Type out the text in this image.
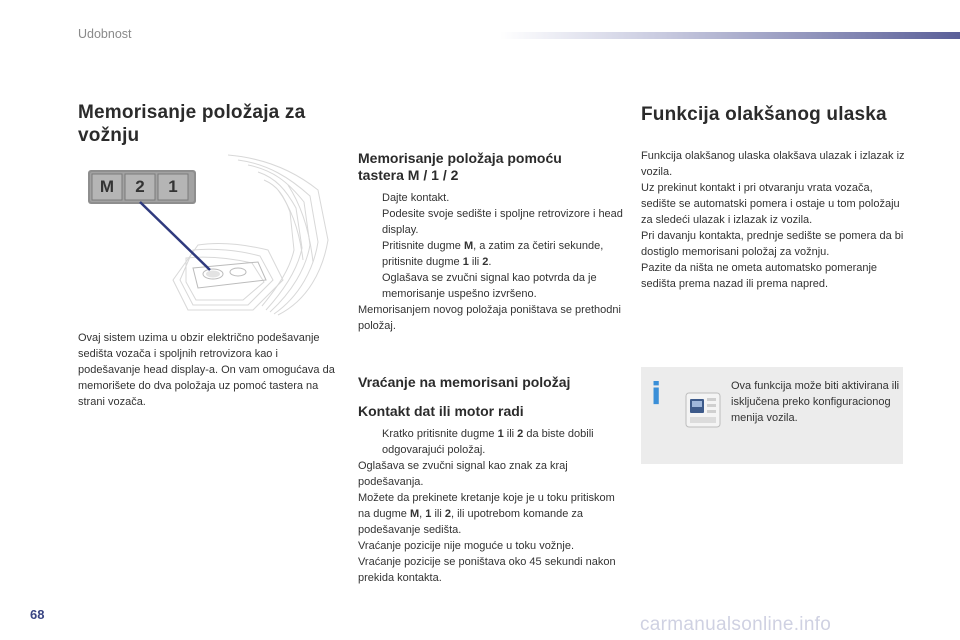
Udobnost
Memorisanje položaja za vožnju
M	2	1

Ovaj sistem uzima u obzir električno podešavanje sedišta vozača i spoljnih retrovizora kao i podešavanje head display-a. On vam omogućava da memorišete do dva položaja uz pomoć tastera na strani vozača.

Memorisanje položaja pomoću tastera M / 1 / 2

Dajte kontakt.

Podesite svoje sedište i spoljne retrovizore i head display.

Pritisnite dugme M, a zatim za četiri sekunde, pritisnite dugme 1 ili 2.
Oglašava se zvučni signal kao potvrda da je memorisanje uspešno izvršeno.

Memorisanjem novog položaja poništava se prethodni položaj.

Vraćanje na memorisani položaj
Kontakt dat ili motor radi

Kratko pritisnite dugme 1 ili 2 da biste dobili odgovarajući položaj.

Oglašava se zvučni signal kao znak za kraj podešavanja.

Možete da prekinete kretanje koje je u toku pritiskom na dugme M, 1 ili 2, ili upotrebom komande za podešavanje sedišta.

Vraćanje pozicije nije moguće u toku vožnje.

Vraćanje pozicije se poništava oko 45 sekundi nakon prekida kontakta.

Funkcija olakšanog ulaska

Funkcija olakšanog ulaska olakšava ulazak i izlazak iz vozila.

Uz prekinut kontakt i pri otvaranju vrata vozača, sedište se automatski pomera i ostaje u tom položaju za sledeći ulazak i izlazak iz vozila.

Pri davanju kontakta, prednje sedište se pomera da bi dostiglo memorisani položaj za vožnju.

Pazite da ništa ne ometa automatsko pomeranje sedišta prema nazad ili prema napred.

i	Ova funkcija može biti aktivirana ili isključena preko konfiguracionog menija vozila.
68	carmanualsonline.info
